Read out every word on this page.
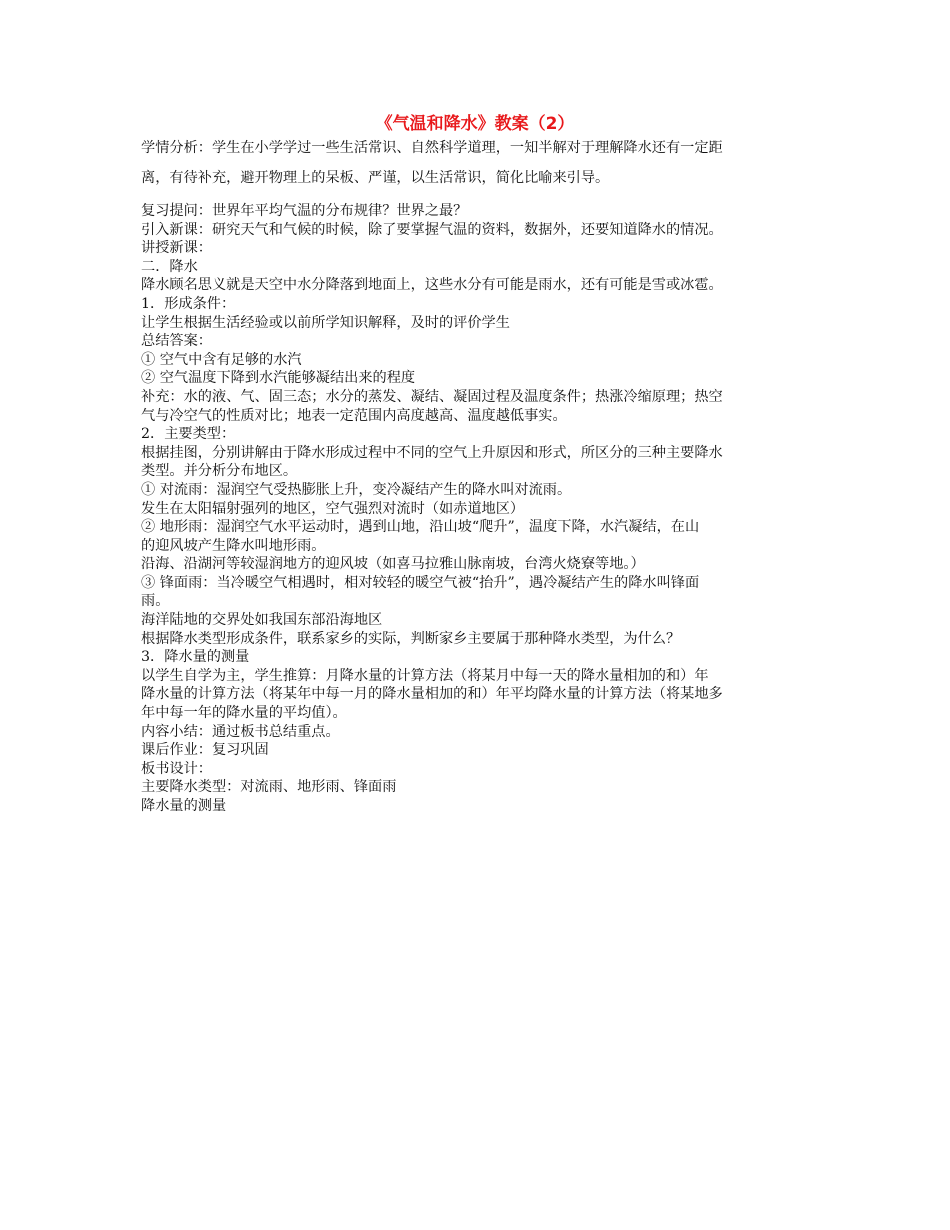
《气温和降水》教案（2）
学情分析：学生在小学学过一些生活常识、自然科学道理，一知半解对于理解降水还有一定距
离，有待补充，避开物理上的呆板、严谨，以生活常识，简化比喻来引导。
复习提问：世界年平均气温的分布规律？世界之最？
引入新课：研究天气和气候的时候，除了要掌握气温的资料，数据外，还要知道降水的情况。
讲授新课：
二．降水
降水顾名思义就是天空中水分降落到地面上，这些水分有可能是雨水，还有可能是雪或冰雹。
1．形成条件：
让学生根据生活经验或以前所学知识解释，及时的评价学生
总结答案：
① 空气中含有足够的水汽
② 空气温度下降到水汽能够凝结出来的程度
补充：水的液、气、固三态；水分的蒸发、凝结、凝固过程及温度条件；热涨冷缩原理；热空
气与冷空气的性质对比；地表一定范围内高度越高、温度越低事实。
2．主要类型：
根据挂图，分别讲解由于降水形成过程中不同的空气上升原因和形式，所区分的三种主要降水
类型。并分析分布地区。
① 对流雨：湿润空气受热膨胀上升，变冷凝结产生的降水叫对流雨。
发生在太阳辐射强列的地区，空气强烈对流时（如赤道地区）
② 地形雨：湿润空气水平运动时，遇到山地，沿山坡“爬升”，温度下降，水汽凝结，在山
的迎风坡产生降水叫地形雨。
沿海、沿湖河等较湿润地方的迎风坡（如喜马拉雅山脉南坡，台湾火烧寮等地。）
③ 锋面雨：当冷暖空气相遇时，相对较轻的暖空气被“抬升”，遇冷凝结产生的降水叫锋面
雨。
海洋陆地的交界处如我国东部沿海地区
根据降水类型形成条件，联系家乡的实际，判断家乡主要属于那种降水类型，为什么？
3．降水量的测量
以学生自学为主，学生推算：月降水量的计算方法（将某月中每一天的降水量相加的和）年
降水量的计算方法（将某年中每一月的降水量相加的和）年平均降水量的计算方法（将某地多
年中每一年的降水量的平均值）。
内容小结：通过板书总结重点。
课后作业：复习巩固
板书设计：
主要降水类型：对流雨、地形雨、锋面雨
降水量的测量
